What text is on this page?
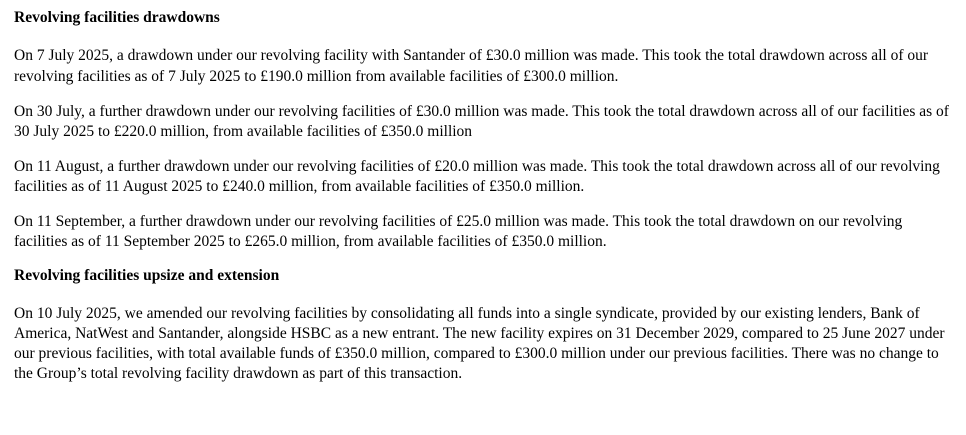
Revolving facilities drawdowns

On 7 July 2025, a drawdown under our revolving facility with Santander of £30.0 million was made. This took the total drawdown across all of our revolving facilities as of 7 July 2025 to £190.0 million from available facilities of £300.0 million.

On 30 July, a further drawdown under our revolving facilities of £30.0 million was made. This took the total drawdown across all of our facilities as of 30 July 2025 to £220.0 million, from available facilities of £350.0 million

On 11 August, a further drawdown under our revolving facilities of £20.0 million was made. This took the total drawdown across all of our revolving facilities as of 11 August 2025 to £240.0 million, from available facilities of £350.0 million.

On 11 September, a further drawdown under our revolving facilities of £25.0 million was made. This took the total drawdown on our revolving facilities as of 11 September 2025 to £265.0 million, from available facilities of £350.0 million.

Revolving facilities upsize and extension

On 10 July 2025, we amended our revolving facilities by consolidating all funds into a single syndicate, provided by our existing lenders, Bank of America, NatWest and Santander, alongside HSBC as a new entrant. The new facility expires on 31 December 2029, compared to 25 June 2027 under our previous facilities, with total available funds of £350.0 million, compared to £300.0 million under our previous facilities. There was no change to the Group’s total revolving facility drawdown as part of this transaction.
